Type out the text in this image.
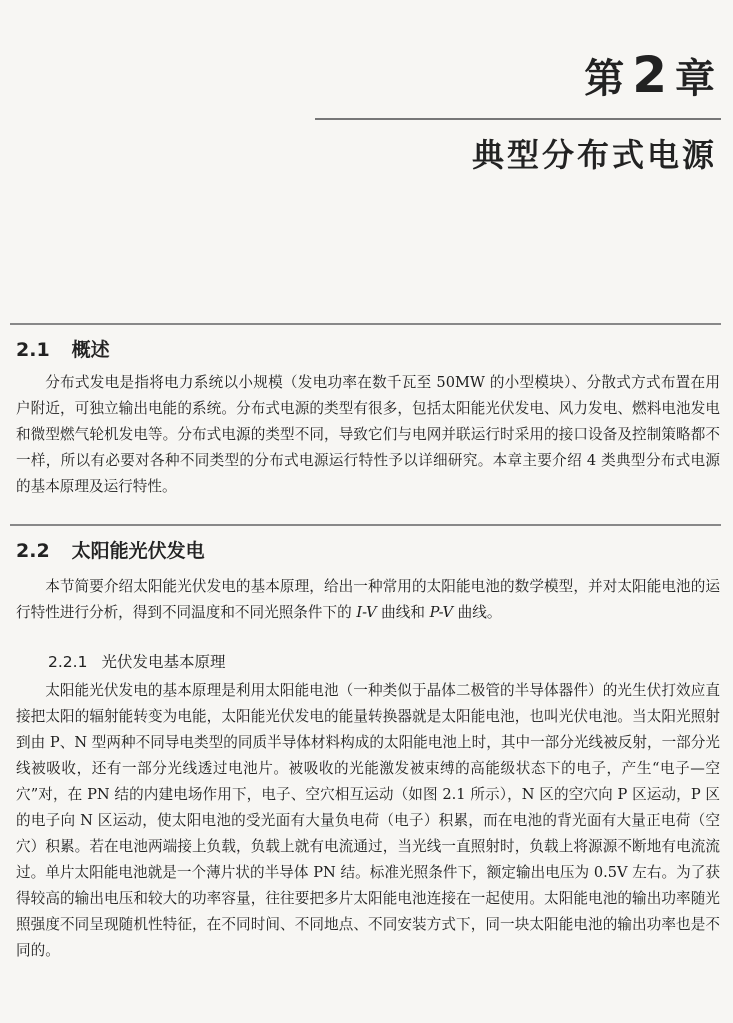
第 2 章
典型分布式电源
2.1 概述

分布式发电是指将电力系统以小规模（发电功率在数千瓦至 50MW 的小型模块）、分散式方式布置在用户附近，可独立输出电能的系统。分布式电源的类型有很多，包括太阳能光伏发电、风力发电、燃料电池发电和微型燃气轮机发电等。分布式电源的类型不同，导致它们与电网并联运行时采用的接口设备及控制策略都不一样，所以有必要对各种不同类型的分布式电源运行特性予以详细研究。本章主要介绍 4 类典型分布式电源的基本原理及运行特性。

2.2 太阳能光伏发电

本节简要介绍太阳能光伏发电的基本原理，给出一种常用的太阳能电池的数学模型，并对太阳能电池的运行特性进行分析，得到不同温度和不同光照条件下的 I-V 曲线和 P-V 曲线。

2.2.1 光伏发电基本原理

太阳能光伏发电的基本原理是利用太阳能电池（一种类似于晶体二极管的半导体器件）的光生伏打效应直接把太阳的辐射能转变为电能，太阳能光伏发电的能量转换器就是太阳能电池，也叫光伏电池。当太阳光照射到由 P、N 型两种不同导电类型的同质半导体材料构成的太阳能电池上时，其中一部分光线被反射，一部分光线被吸收，还有一部分光线透过电池片。被吸收的光能激发被束缚的高能级状态下的电子，产生“电子—空穴”对，在 PN 结的内建电场作用下，电子、空穴相互运动（如图 2.1 所示），N 区的空穴向 P 区运动，P 区的电子向 N 区运动，使太阳电池的受光面有大量负电荷（电子）积累，而在电池的背光面有大量正电荷（空穴）积累。若在电池两端接上负载，负载上就有电流通过，当光线一直照射时，负载上将源源不断地有电流流过。单片太阳能电池就是一个薄片状的半导体 PN 结。标准光照条件下，额定输出电压为 0.5V 左右。为了获得较高的输出电压和较大的功率容量，往往要把多片太阳能电池连接在一起使用。太阳能电池的输出功率随光照强度不同呈现随机性特征，在不同时间、不同地点、不同安装方式下，同一块太阳能电池的输出功率也是不同的。
